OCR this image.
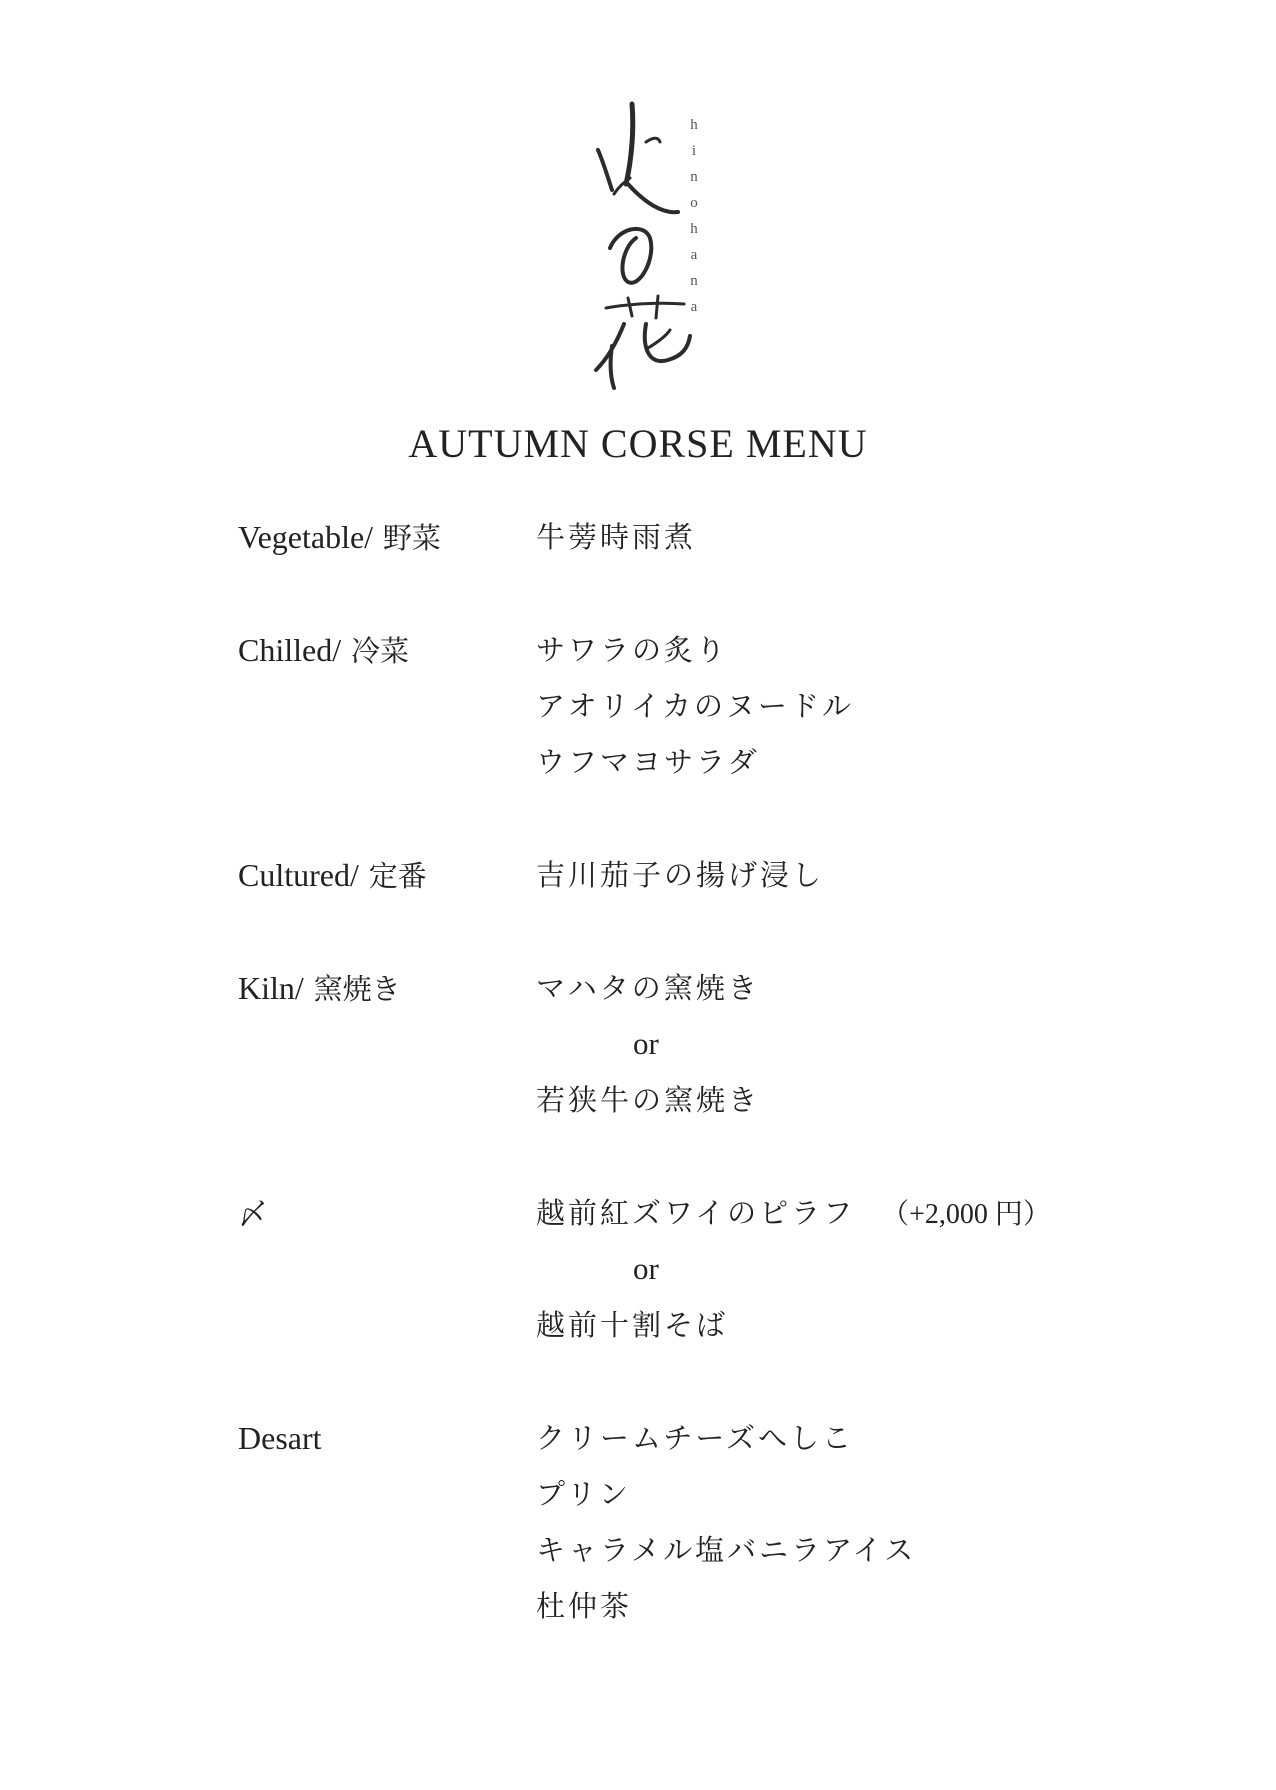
h
i
n
o
h
a
n
a
AUTUMN CORSE MENU
Vegetable/ 野菜	牛蒡時雨煮
Chilled/ 冷菜	サワラの炙り
アオリイカのヌードル
ウフマヨサラダ
Cultured/ 定番	吉川茄子の揚げ浸し
Kiln/ 窯焼き	マハタの窯焼き
or
若狭牛の窯焼き
〆	越前紅ズワイのピラフ （+2,000 円）
or
越前十割そば
Desart	クリームチーズへしこ
プリン
キャラメル塩バニラアイス
杜仲茶
